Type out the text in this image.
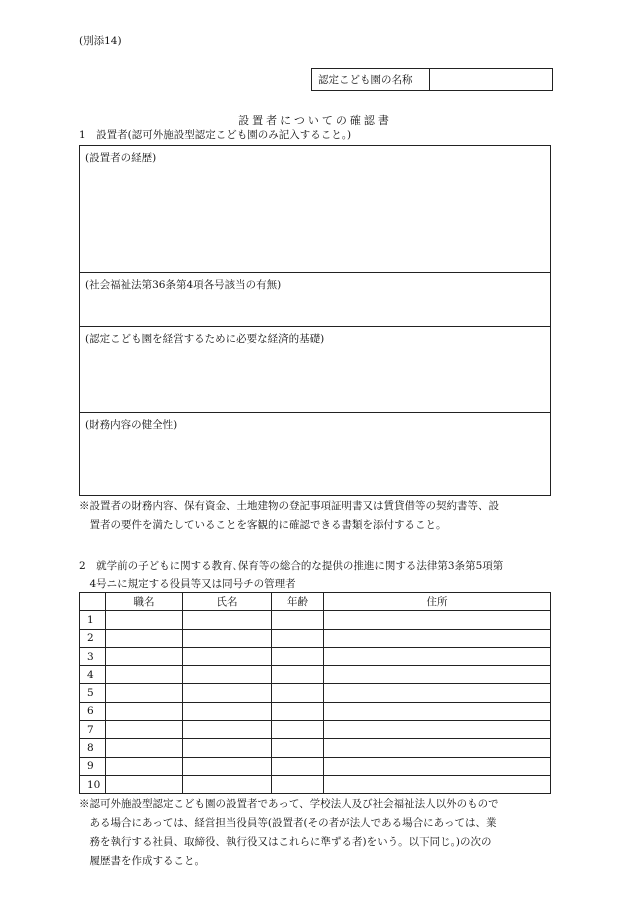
(別添14)
認定こども園の名称
設置者についての確認書
1　設置者(認可外施設型認定こども園のみ記入すること。)
(設置者の経歴)
(社会福祉法第36条第4項各号該当の有無)
(認定こども園を経営するために必要な経済的基礎)
(財務内容の健全性)
※設置者の財務内容、保有資金、土地建物の登記事項証明書又は賃貸借等の契約書等、設
　置者の要件を満たしていることを客観的に確認できる書類を添付すること。
2　就学前の子どもに関する教育､保育等の総合的な提供の推進に関する法律第3条第5項第
　4号ニに規定する役員等又は同号チの管理者
	職名	氏名	年齢	住所
1				
2				
3				
4				
5				
6				
7				
8				
9				
10				
※認可外施設型認定こども園の設置者であって、学校法人及び社会福祉法人以外のもので
　ある場合にあっては、経営担当役員等(設置者(その者が法人である場合にあっては、業
　務を執行する社員、取締役、執行役又はこれらに準ずる者)をいう。以下同じ。)の次の
　履歴書を作成すること。
